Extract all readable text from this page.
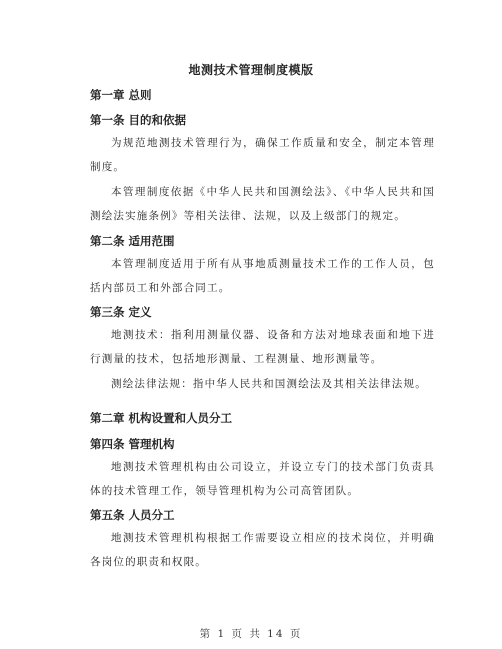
地测技术管理制度模版
第一章 总则
第一条 目的和依据
为规范地测技术管理行为，确保工作质量和安全，制定本管理制度。
本管理制度依据《中华人民共和国测绘法》、《中华人民共和国测绘法实施条例》等相关法律、法规，以及上级部门的规定。
第二条 适用范围
本管理制度适用于所有从事地质测量技术工作的工作人员，包括内部员工和外部合同工。
第三条 定义
地测技术：指利用测量仪器、设备和方法对地球表面和地下进行测量的技术，包括地形测量、工程测量、地形测量等。
测绘法律法规：指中华人民共和国测绘法及其相关法律法规。
第二章 机构设置和人员分工
第四条 管理机构
地测技术管理机构由公司设立，并设立专门的技术部门负责具体的技术管理工作，领导管理机构为公司高管团队。
第五条 人员分工
地测技术管理机构根据工作需要设立相应的技术岗位，并明确各岗位的职责和权限。
第 1 页 共 14 页
